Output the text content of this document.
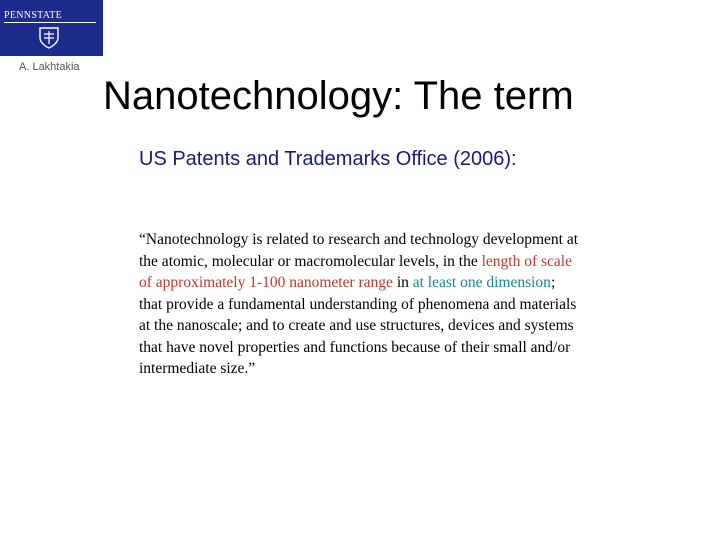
PENNSTATE
A. Lakhtakia
Nanotechnology: The term
US Patents and Trademarks Office (2006):
“Nanotechnology is related to research and technology development at the atomic, molecular or macromolecular levels, in the length of scale of approximately 1-100 nanometer range in at least one dimension; that provide a fundamental understanding of phenomena and materials at the nanoscale; and to create and use structures, devices and systems that have novel properties and functions because of their small and/or intermediate size.”
